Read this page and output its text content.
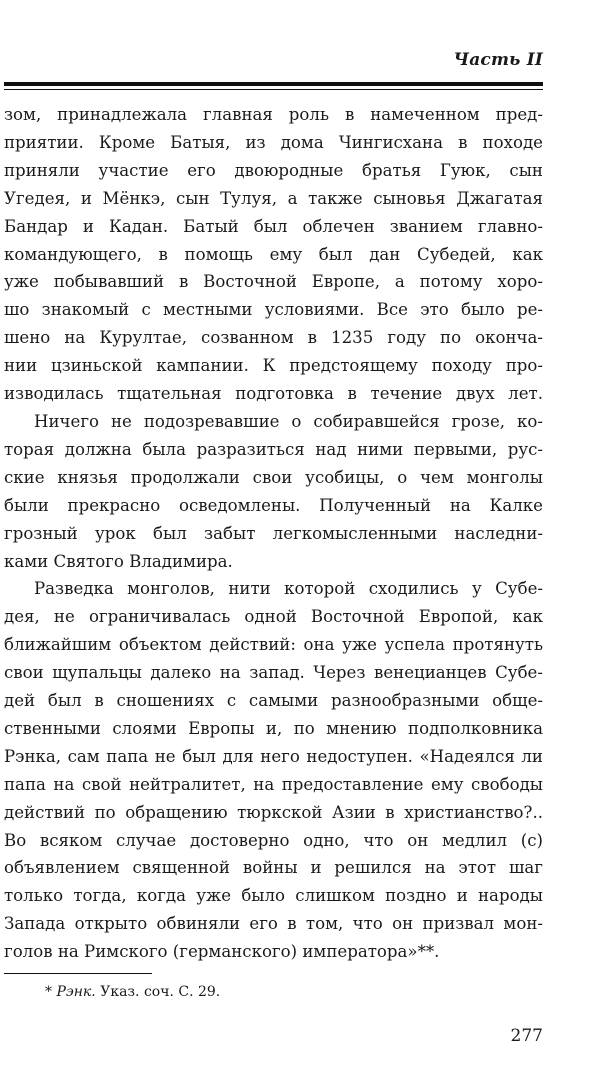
Часть II
зом, принадлежала главная роль в намеченном пред-
приятии. Кроме Батыя, из дома Чингисхана в походе
приняли участие его двоюродные братья Гуюк, сын
Угедея, и Мёнкэ, сын Тулуя, а также сыновья Джагатая
Бандар и Кадан. Батый был облечен званием главно-
командующего, в помощь ему был дан Субедей, как
уже побывавший в Восточной Европе, а потому хоро-
шо знакомый с местными условиями. Все это было ре-
шено на Курултае, созванном в 1235 году по оконча-
нии цзиньской кампании. К предстоящему походу про-
изводилась тщательная подготовка в течение двух лет.
Ничего не подозревавшие о собиравшейся грозе, ко-
торая должна была разразиться над ними первыми, рус-
ские князья продолжали свои усобицы, о чем монголы
были прекрасно осведомлены. Полученный на Калке
грозный урок был забыт легкомысленными наследни-
ками Святого Владимира.
Разведка монголов, нити которой сходились у Субе-
дея, не ограничивалась одной Восточной Европой, как
ближайшим объектом действий: она уже успела протянуть
свои щупальцы далеко на запад. Через венецианцев Субе-
дей был в сношениях с самыми разнообразными обще-
ственными слоями Европы и, по мнению подполковника
Рэнка, сам папа не был для него недоступен. «Надеялся ли
папа на свой нейтралитет, на предоставление ему свободы
действий по обращению тюркской Азии в христианство?..
Во всяком случае достоверно одно, что он медлил (с)
объявлением священной войны и решился на этот шаг
только тогда, когда уже было слишком поздно и народы
Запада открыто обвиняли его в том, что он призвал мон-
голов на Римского (германского) императора»**.
* Рэнк. Указ. соч. С. 29.
277
